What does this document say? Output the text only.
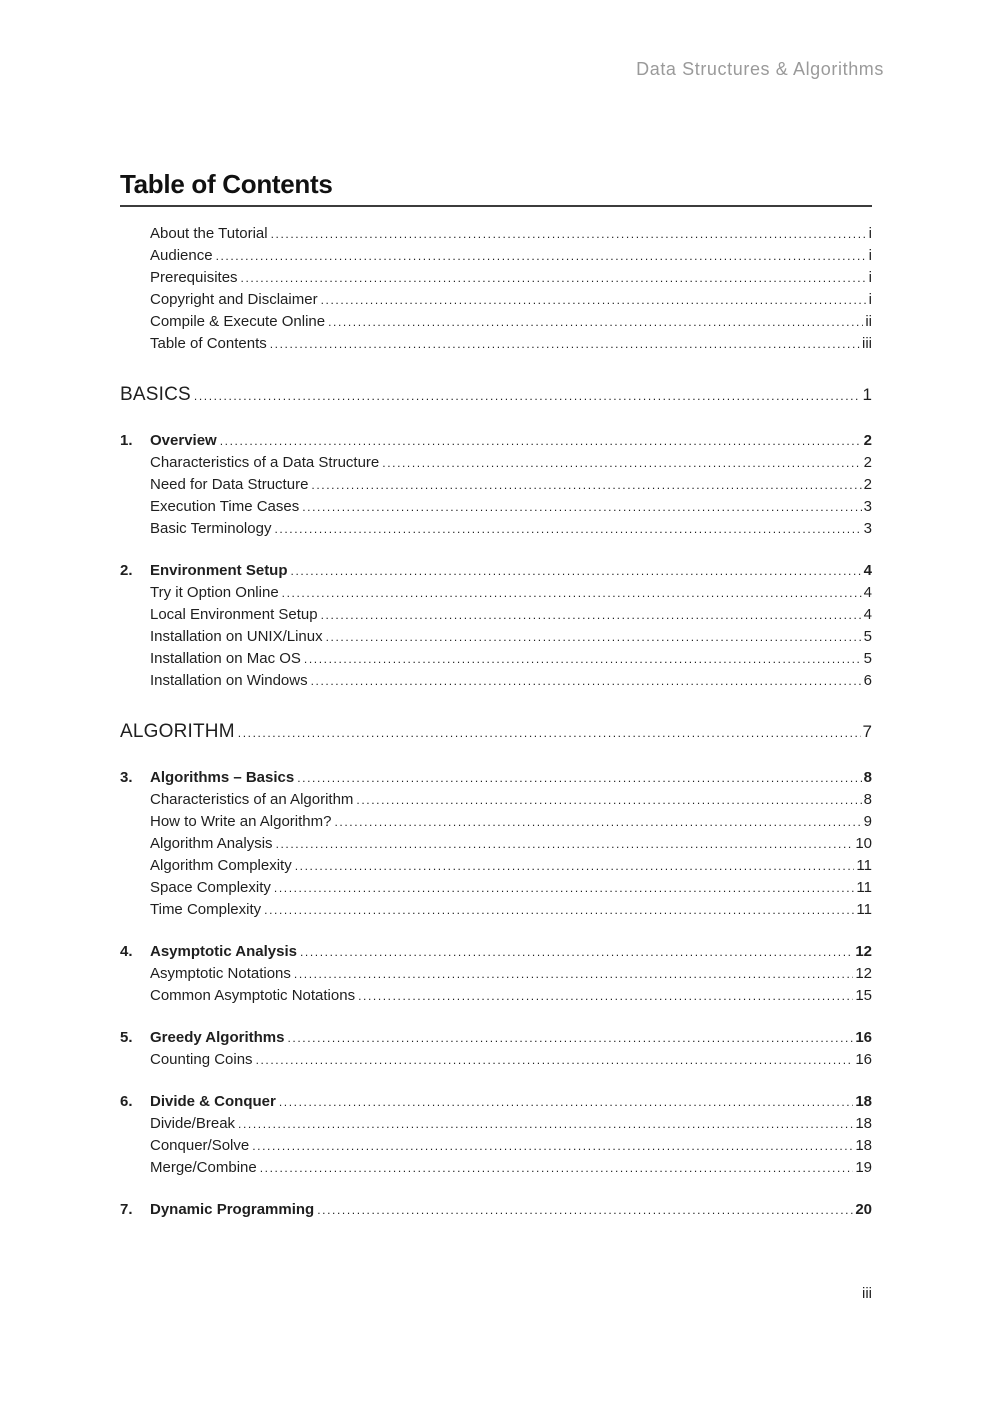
Data Structures & Algorithms
Table of Contents
About the Tutorial .....	i
Audience .....	i
Prerequisites .....	i
Copyright and Disclaimer .....	i
Compile & Execute Online .....	ii
Table of Contents .....	iii
BASICS .....	1
1.	Overview .....	2
Characteristics of a Data Structure .....	2
Need for Data Structure .....	2
Execution Time Cases .....	3
Basic Terminology .....	3
2.	Environment Setup .....	4
Try it Option Online .....	4
Local Environment Setup .....	4
Installation on UNIX/Linux .....	5
Installation on Mac OS .....	5
Installation on Windows .....	6
ALGORITHM .....	7
3.	Algorithms – Basics .....	8
Characteristics of an Algorithm .....	8
How to Write an Algorithm? .....	9
Algorithm Analysis .....	10
Algorithm Complexity .....	11
Space Complexity .....	11
Time Complexity .....	11
4.	Asymptotic Analysis .....	12
Asymptotic Notations .....	12
Common Asymptotic Notations .....	15
5.	Greedy Algorithms .....	16
Counting Coins .....	16
6.	Divide & Conquer .....	18
Divide/Break .....	18
Conquer/Solve .....	18
Merge/Combine .....	19
7.	Dynamic Programming .....	20
iii
